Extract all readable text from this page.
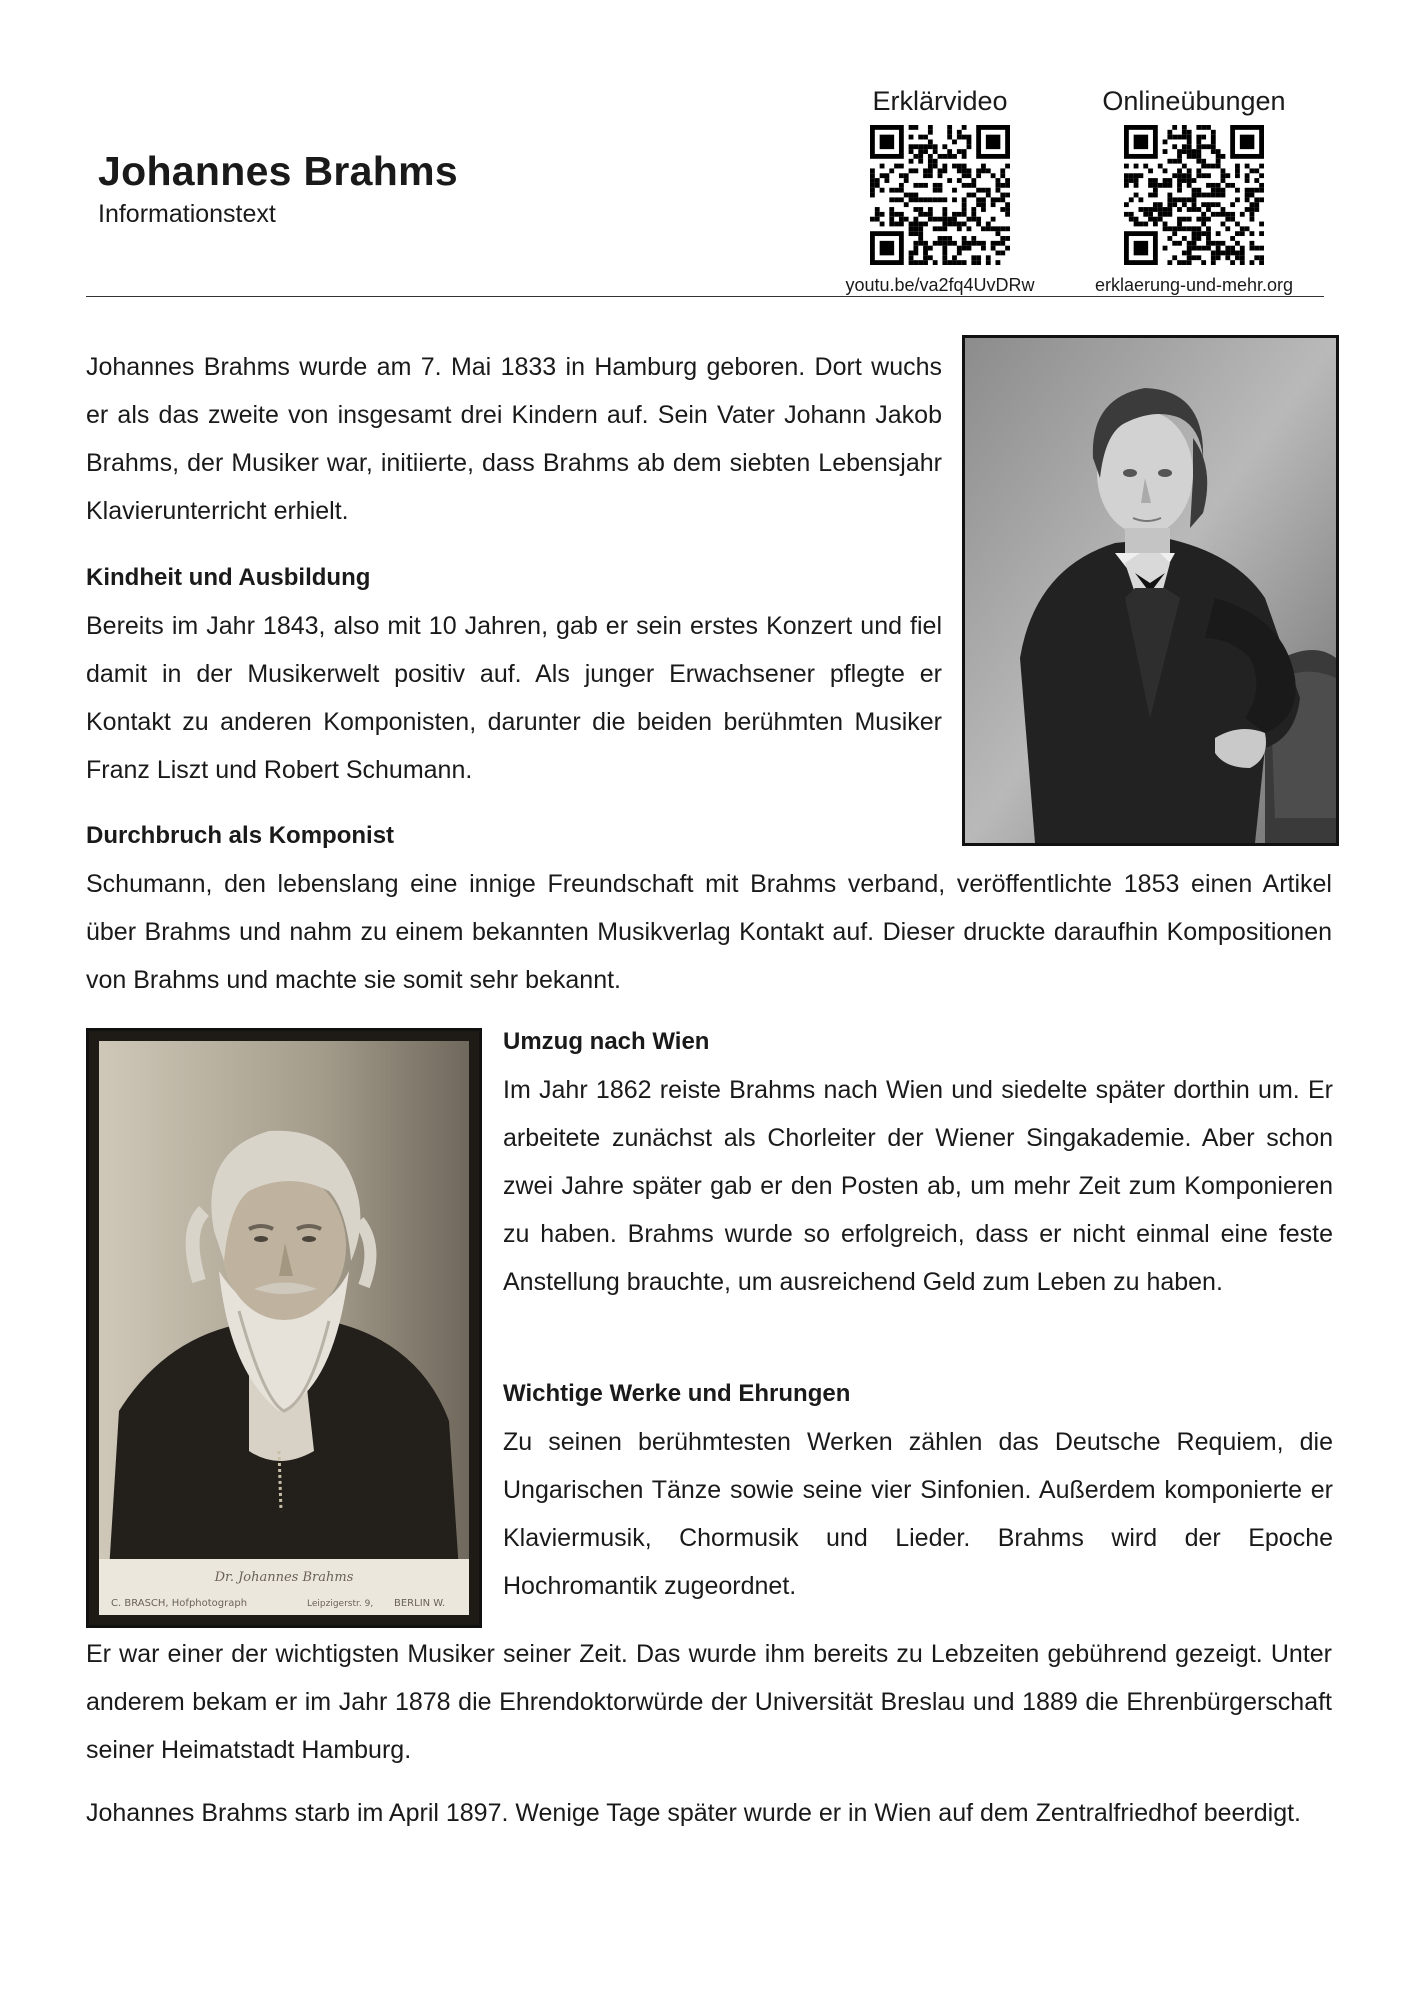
Johannes Brahms
Informationstext
Erklärvideo
youtu.be/va2fq4UvDRw
Onlineübungen
erklaerung-und-mehr.org
Johannes Brahms wurde am 7. Mai 1833 in Hamburg geboren. Dort wuchs er als das zweite von insgesamt drei Kindern auf. Sein Vater Johann Jakob Brahms, der Musiker war, initiierte, dass Brahms ab dem siebten Lebensjahr Klavierunterricht erhielt.
Kindheit und Ausbildung
Bereits im Jahr 1843, also mit 10 Jahren, gab er sein erstes Konzert und fiel damit in der Musikerwelt positiv auf. Als junger Erwachsener pflegte er Kontakt zu anderen Komponisten, darunter die beiden berühmten Musiker Franz Liszt und Robert Schumann.
Durchbruch als Komponist
Schumann, den lebenslang eine innige Freundschaft mit Brahms verband, veröffentlichte 1853 einen Artikel über Brahms und nahm zu einem bekannten Musikverlag Kontakt auf. Dieser druckte daraufhin Kompositionen von Brahms und machte sie somit sehr bekannt.
Dr. Johannes Brahms
C. BRASCH, Hofphotograph	Leipzigerstr. 9, BERLIN W.
Umzug nach Wien
Im Jahr 1862 reiste Brahms nach Wien und siedelte später dorthin um. Er arbeitete zunächst als Chorleiter der Wiener Singakademie. Aber schon zwei Jahre später gab er den Posten ab, um mehr Zeit zum Komponieren zu haben. Brahms wurde so erfolgreich, dass er nicht einmal eine feste Anstellung brauchte, um ausreichend Geld zum Leben zu haben.
Wichtige Werke und Ehrungen
Zu seinen berühmtesten Werken zählen das Deutsche Requiem, die Ungarischen Tänze sowie seine vier Sinfonien. Außerdem komponierte er Klaviermusik, Chormusik und Lieder. Brahms wird der Epoche Hochromantik zugeordnet.
Er war einer der wichtigsten Musiker seiner Zeit. Das wurde ihm bereits zu Lebzeiten gebührend gezeigt. Unter anderem bekam er im Jahr 1878 die Ehrendoktorwürde der Universität Breslau und 1889 die Ehrenbürgerschaft seiner Heimatstadt Hamburg.
Johannes Brahms starb im April 1897. Wenige Tage später wurde er in Wien auf dem Zentralfriedhof beerdigt.
